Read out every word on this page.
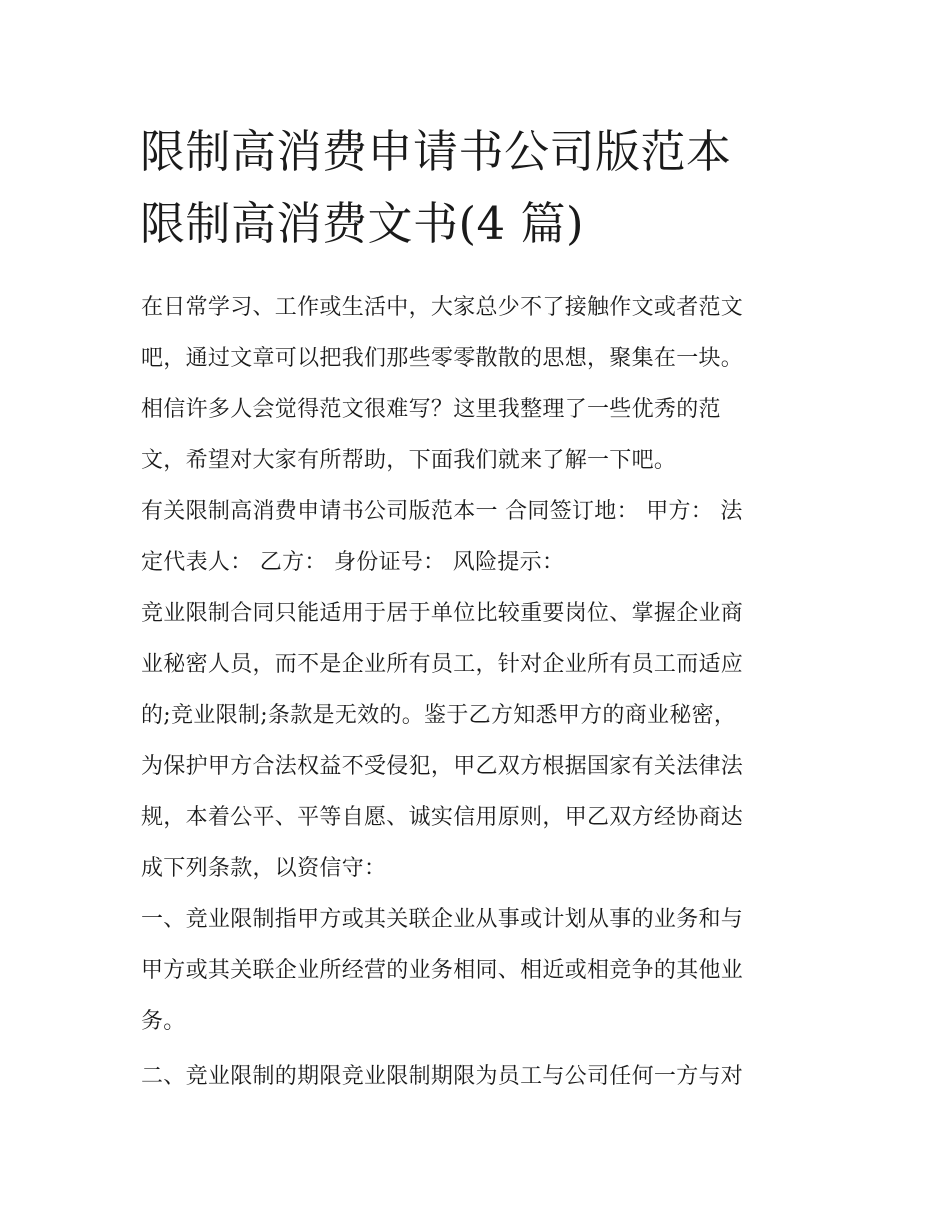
限制高消费申请书公司版范本
限制高消费文书(4 篇)

在日常学习、工作或生活中，大家总少不了接触作文或者范文
吧，通过文章可以把我们那些零零散散的思想，聚集在一块。
相信许多人会觉得范文很难写？这里我整理了一些优秀的范
文，希望对大家有所帮助，下面我们就来了解一下吧。

有关限制高消费申请书公司版范本一 合同签订地： 甲方： 法
定代表人： 乙方： 身份证号： 风险提示：

竞业限制合同只能适用于居于单位比较重要岗位、掌握企业商
业秘密人员，而不是企业所有员工，针对企业所有员工而适应
的;竞业限制;条款是无效的。鉴于乙方知悉甲方的商业秘密，
为保护甲方合法权益不受侵犯，甲乙双方根据国家有关法律法
规，本着公平、平等自愿、诚实信用原则，甲乙双方经协商达
成下列条款，以资信守：

一、竞业限制指甲方或其关联企业从事或计划从事的业务和与
甲方或其关联企业所经营的业务相同、相近或相竞争的其他业
务。

二、竞业限制的期限竞业限制期限为员工与公司任何一方与对
